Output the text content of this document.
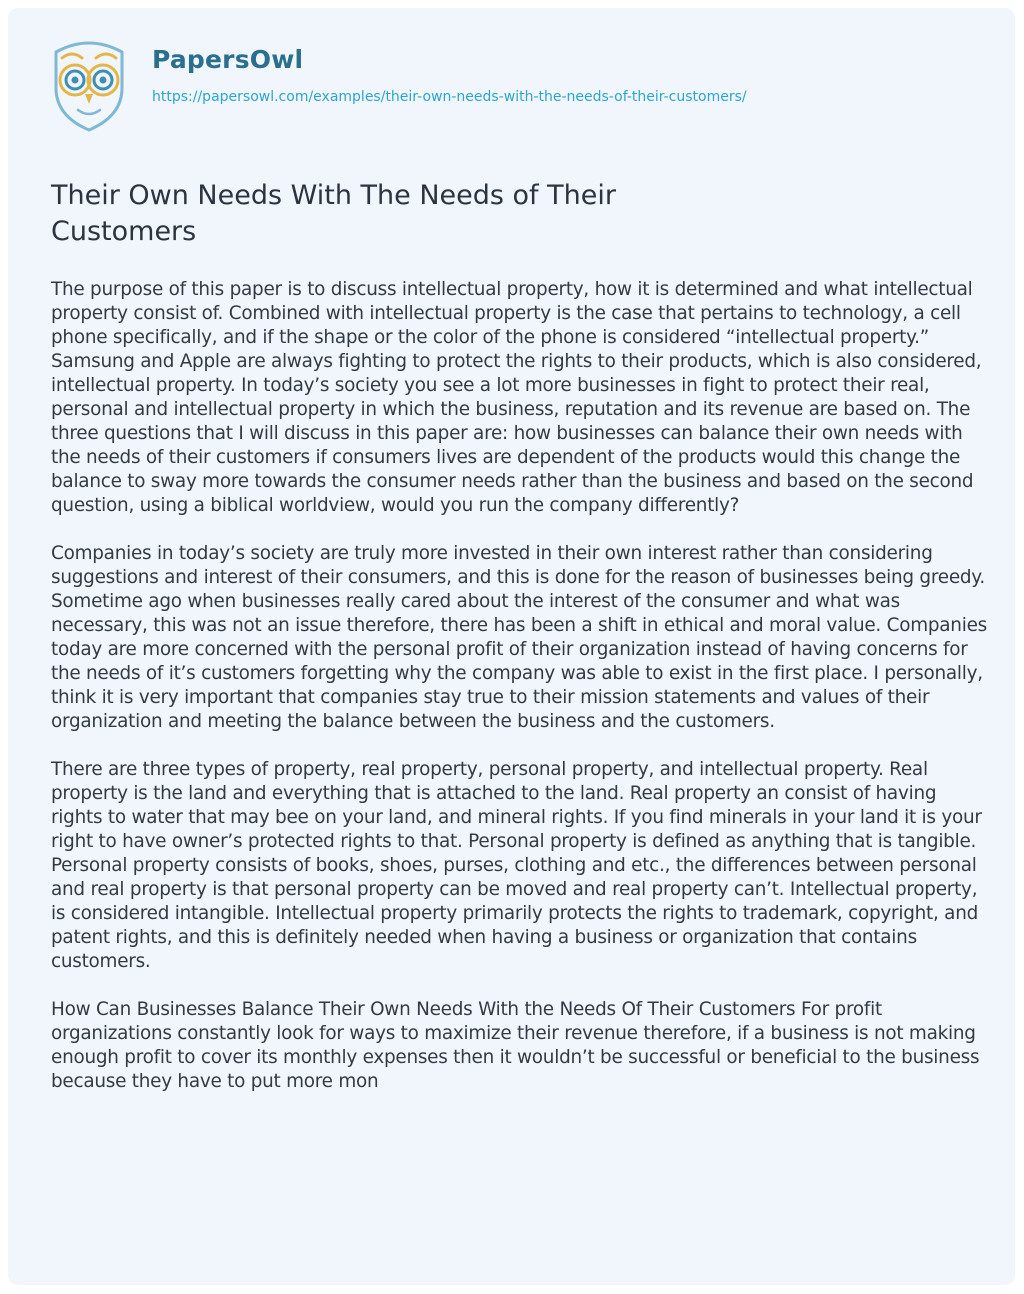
PapersOwl
https://papersowl.com/examples/their-own-needs-with-the-needs-of-their-customers/
Their Own Needs With The Needs of Their Customers

The purpose of this paper is to discuss intellectual property, how it is determined and what intellectual property consist of. Combined with intellectual property is the case that pertains to technology, a cell phone specifically, and if the shape or the color of the phone is considered “intellectual property.” Samsung and Apple are always fighting to protect the rights to their products, which is also considered, intellectual property. In today’s society you see a lot more businesses in fight to protect their real, personal and intellectual property in which the business, reputation and its revenue are based on. The three questions that I will discuss in this paper are: how businesses can balance their own needs with the needs of their customers if consumers lives are dependent of the products would this change the balance to sway more towards the consumer needs rather than the business and based on the second question, using a biblical worldview, would you run the company differently?

Companies in today’s society are truly more invested in their own interest rather than considering suggestions and interest of their consumers, and this is done for the reason of businesses being greedy. Sometime ago when businesses really cared about the interest of the consumer and what was necessary, this was not an issue therefore, there has been a shift in ethical and moral value. Companies today are more concerned with the personal profit of their organization instead of having concerns for the needs of it’s customers forgetting why the company was able to exist in the first place. I personally, think it is very important that companies stay true to their mission statements and values of their organization and meeting the balance between the business and the customers.

There are three types of property, real property, personal property, and intellectual property. Real property is the land and everything that is attached to the land. Real property an consist of having rights to water that may bee on your land, and mineral rights. If you find minerals in your land it is your right to have owner’s protected rights to that. Personal property is defined as anything that is tangible. Personal property consists of books, shoes, purses, clothing and etc., the differences between personal and real property is that personal property can be moved and real property can’t. Intellectual property, is considered intangible. Intellectual property primarily protects the rights to trademark, copyright, and patent rights, and this is definitely needed when having a business or organization that contains customers.

How Can Businesses Balance Their Own Needs With the Needs Of Their Customers For profit organizations constantly look for ways to maximize their revenue therefore, if a business is not making enough profit to cover its monthly expenses then it wouldn’t be successful or beneficial to the business because they have to put more mon
